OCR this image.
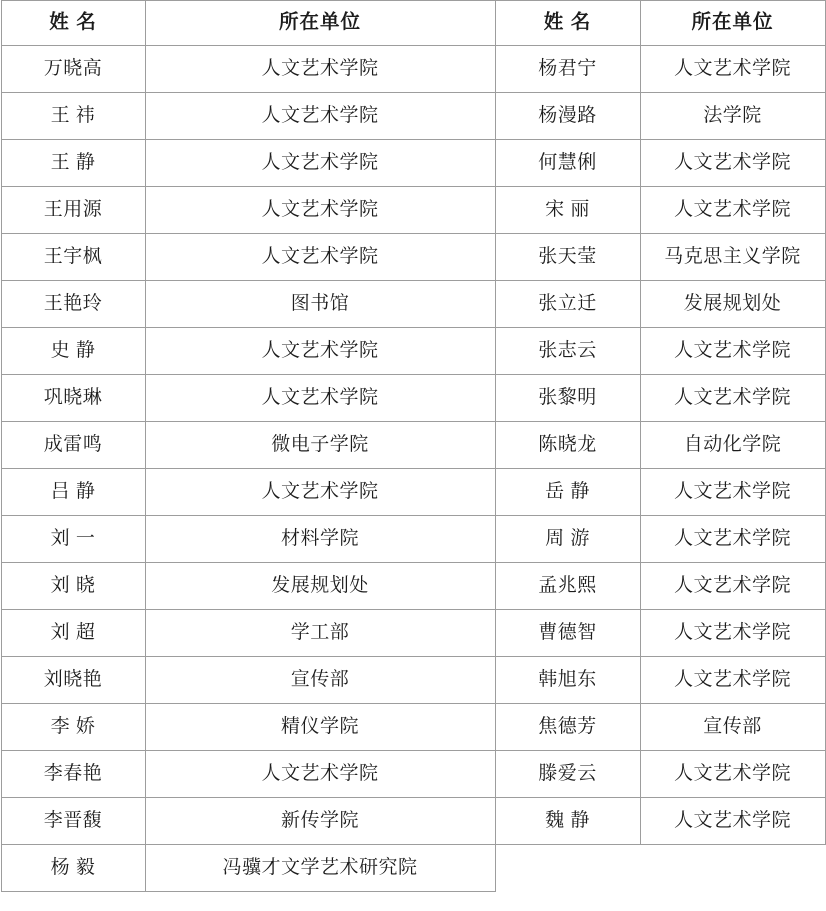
姓 名	所在单位	姓 名	所在单位
万晓高	人文艺术学院	杨君宁	人文艺术学院
王 祎	人文艺术学院	杨漫路	法学院
王 静	人文艺术学院	何慧俐	人文艺术学院
王用源	人文艺术学院	宋 丽	人文艺术学院
王宇枫	人文艺术学院	张天莹	马克思主义学院
王艳玲	图书馆	张立迁	发展规划处
史 静	人文艺术学院	张志云	人文艺术学院
巩晓琳	人文艺术学院	张黎明	人文艺术学院
成雷鸣	微电子学院	陈晓龙	自动化学院
吕 静	人文艺术学院	岳 静	人文艺术学院
刘 一	材料学院	周 游	人文艺术学院
刘 晓	发展规划处	孟兆熙	人文艺术学院
刘 超	学工部	曹德智	人文艺术学院
刘晓艳	宣传部	韩旭东	人文艺术学院
李 娇	精仪学院	焦德芳	宣传部
李春艳	人文艺术学院	滕爱云	人文艺术学院
李晋馥	新传学院	魏 静	人文艺术学院
杨 毅	冯骥才文学艺术研究院		
